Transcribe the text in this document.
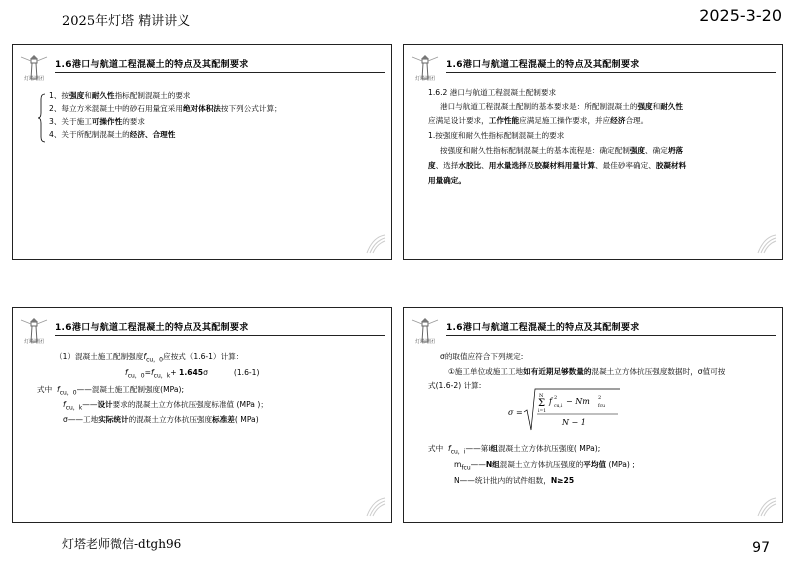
2025年灯塔 精讲讲义	2025-3-20
灯塔老师微信-dtgh96	97
灯塔增团
1.6港口与航道工程混凝土的特点及其配制要求
1、按强度和耐久性指标配制混凝土的要求
2、每立方米混凝土中的砂石用量宜采用绝对体积法按下列公式计算；
3、关于施工可操作性的要求
4、关于所配制混凝土的经济、合理性
灯塔增团
1.6港口与航道工程混凝土的特点及其配制要求
1.6.2 港口与航道工程混凝土配制要求
港口与航道工程混凝土配制的基本要求是：所配制混凝土的强度和耐久性
应满足设计要求，工作性能应满足施工操作要求，并应经济合理。
1.按强度和耐久性指标配制混凝土的要求
按强度和耐久性指标配制混凝土的基本流程是：确定配制强度、确定坍落
度、选择水胶比、用水量选择及胶凝材料用量计算、最佳砂率确定、胶凝材料
用量确定。
灯塔增团
1.6港口与航道工程混凝土的特点及其配制要求
（1）混凝土施工配制强度$f_{cu,0}$应按式（1.6-1）计算：
$f_{cu,0}=f_{cu,k}+ 1.645\sigma$	(1.6-1)
式中 $f_{cu,0}——$混凝土施工配制强度(MPa);
$f_{cu,k}——$设计要求的混凝土立方体抗压强度标准值 (MPa )；
σ——工地实际统计的混凝土立方体抗压强度标准差( MPa)
灯塔增团
1.6港口与航道工程混凝土的特点及其配制要求
σ的取值应符合下列规定:
①施工单位或施工工地如有近期足够数量的混凝土立方体抗压强度数据时，σ值可按
式(1.6-2) 计算:
σ =
N
Σ
i=1
f 2
cu,i
− Nm 2
fcu
N − 1
式中 $f_{cu,i}——$第i组混凝土立方体抗压强度( MPa);
$m_{fcu}——N$组混凝土立方体抗压强度的平均值 (MPa) ;
N——统计批内的试件组数，N≥25
